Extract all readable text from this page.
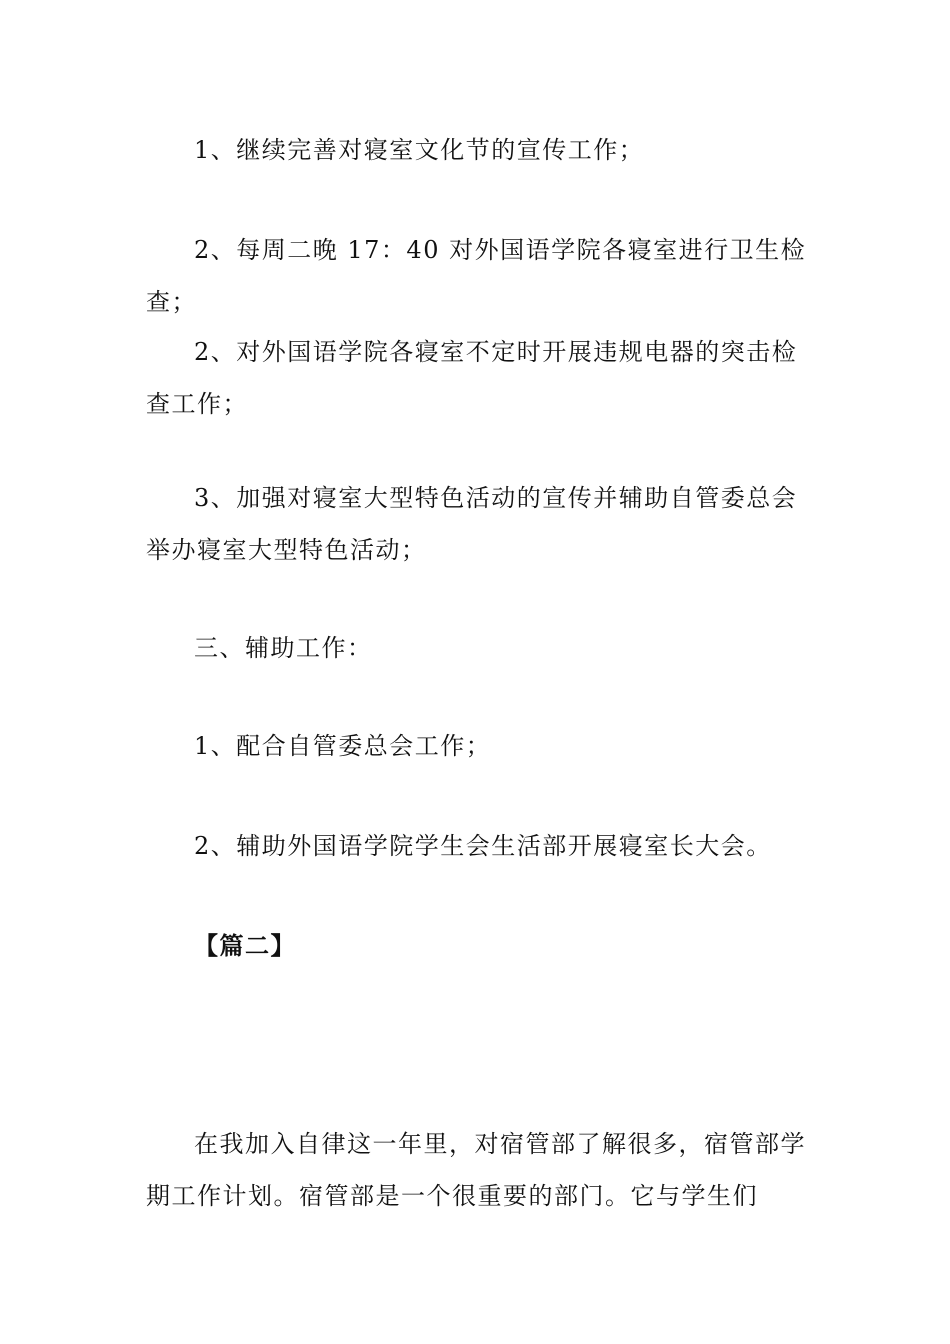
1、继续完善对寝室文化节的宣传工作；

2、每周二晚 17：40 对外国语学院各寝室进行卫生检查；

2、对外国语学院各寝室不定时开展违规电器的突击检查工作；

3、加强对寝室大型特色活动的宣传并辅助自管委总会举办寝室大型特色活动；

三、辅助工作：

1、配合自管委总会工作；

2、辅助外国语学院学生会生活部开展寝室长大会。

【篇二】

在我加入自律这一年里，对宿管部了解很多，宿管部学期工作计划。宿管部是一个很重要的部门。它与学生们
